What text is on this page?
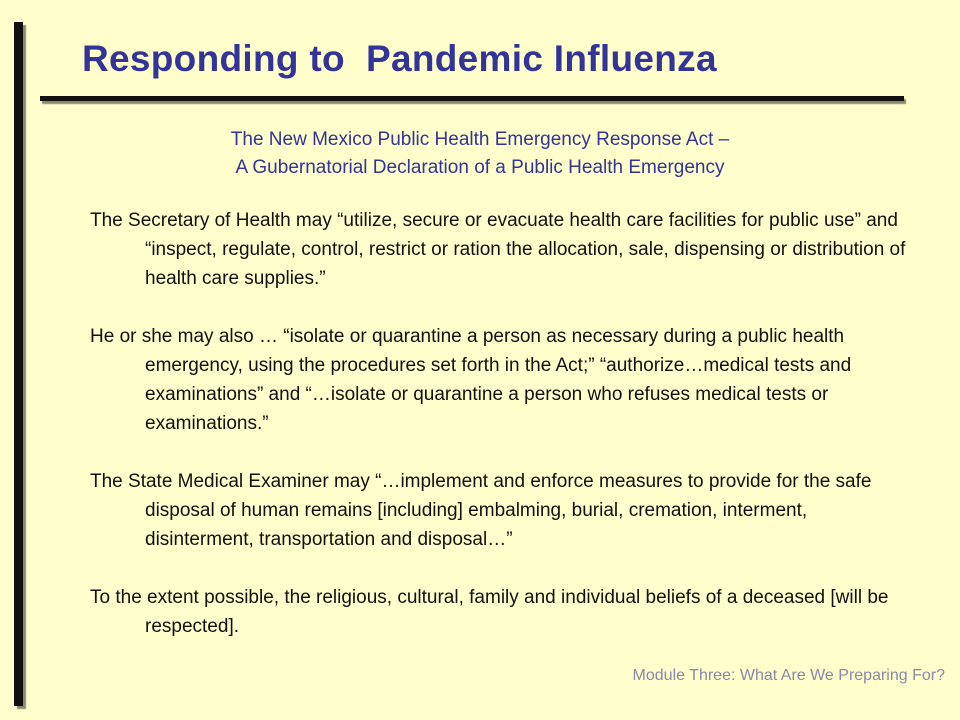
Responding to  Pandemic Influenza
The New Mexico Public Health Emergency Response Act –
A Gubernatorial Declaration of a Public Health Emergency

The Secretary of Health may “utilize, secure or evacuate health care facilities for public use” and “inspect, regulate, control, restrict or ration the allocation, sale, dispensing or distribution of health care supplies.”

He or she may also … “isolate or quarantine a person as necessary during a public health emergency, using the procedures set forth in the Act;” “authorize…medical tests and examinations” and “…isolate or quarantine a person who refuses medical tests or examinations.”

The State Medical Examiner may “…implement and enforce measures to provide for the safe disposal of human remains [including] embalming, burial, cremation, interment, disinterment, transportation and disposal…”

To the extent possible, the religious, cultural, family and individual beliefs of a deceased [will be respected].

Module Three: What Are We Preparing For?
